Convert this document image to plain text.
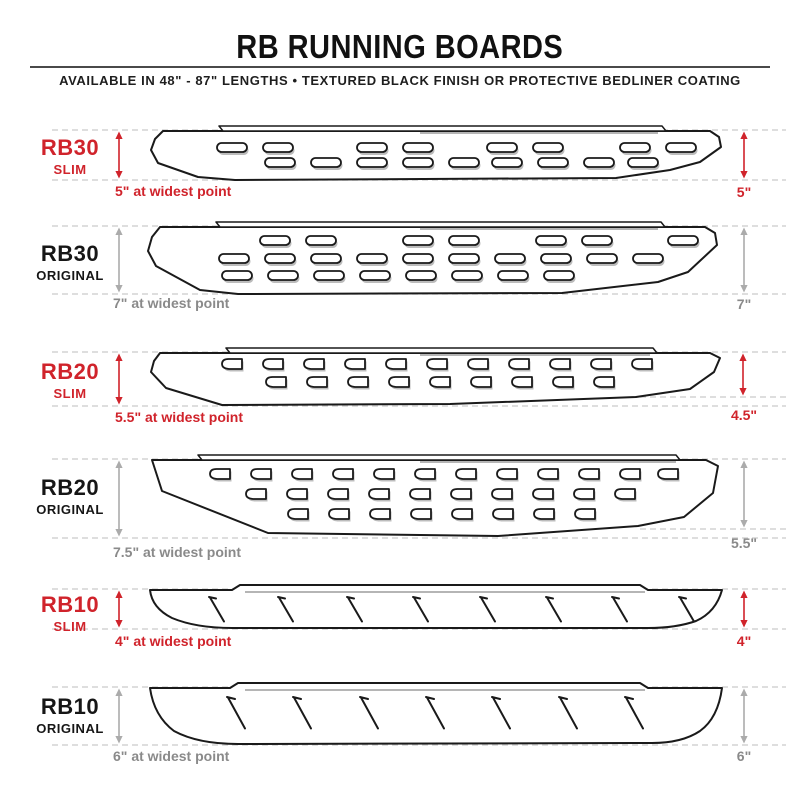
RB RUNNING BOARDS
AVAILABLE IN 48" - 87" LENGTHS • TEXTURED BLACK FINISH OR PROTECTIVE BEDLINER COATING
RB30
SLIM
RB30
ORIGINAL
RB20
SLIM
RB20
ORIGINAL
RB10
SLIM
RB10
ORIGINAL
5" at widest point
7" at widest point
5.5" at widest point
7.5" at widest point
4" at widest point
6" at widest point
5"
7"
4.5"
5.5"
4"
6"
